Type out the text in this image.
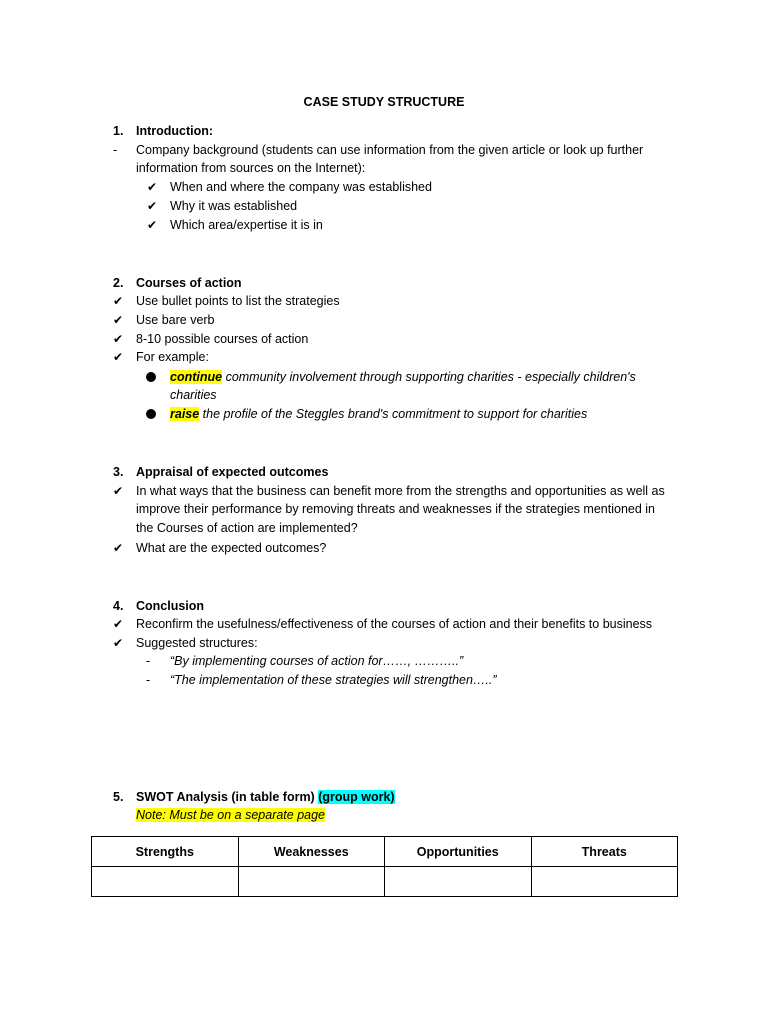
CASE STUDY STRUCTURE
1.	Introduction:
- Company background (students can use information from the given article or look up further
information from sources on the Internet):
✔ When and where the company was established
✔ Why it was established
✔ Which area/expertise it is in
2.	Courses of action
✔ Use bullet points to list the strategies
✔ Use bare verb
✔ 8-10 possible courses of action
✔ For example:
continue community involvement through supporting charities - especially children's
charities
raise the profile of the Steggles brand's commitment to support for charities
3.	Appraisal of expected outcomes
✔ In what ways that the business can benefit more from the strengths and opportunities as well as
improve their performance by removing threats and weaknesses if the strategies mentioned in
the Courses of action are implemented?
✔ What are the expected outcomes?
4.	Conclusion
✔ Reconfirm the usefulness/effectiveness of the courses of action and their benefits to business
✔ Suggested structures:
- “By implementing courses of action for……, ………..”
- “The implementation of these strategies will strengthen…..”
5.	SWOT Analysis (in table form) (group work)
Note: Must be on a separate page
Strengths	Weaknesses	Opportunities	Threats
